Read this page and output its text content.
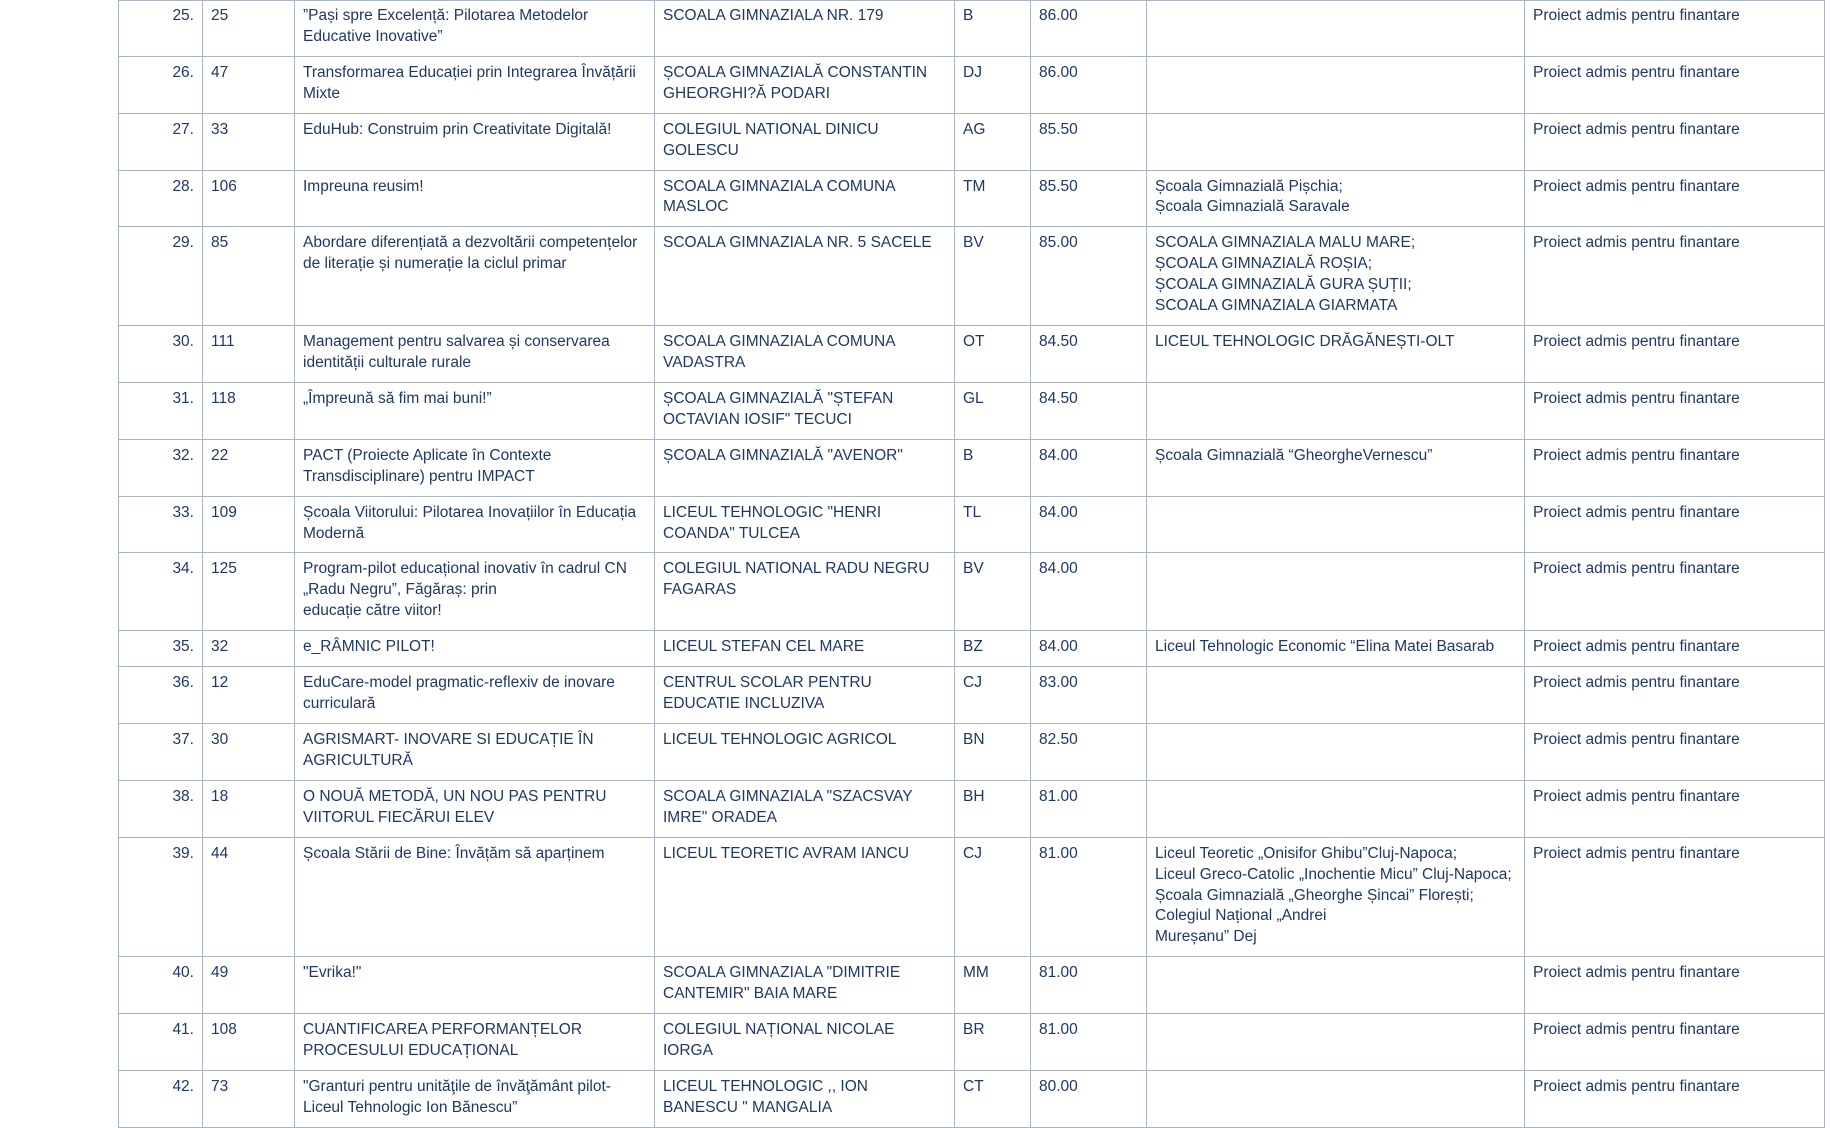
25.	25	”Pași spre Excelență: Pilotarea Metodelor Educative Inovative”	SCOALA GIMNAZIALA NR. 179	B	86.00		Proiect admis pentru finantare

26.	47	Transformarea Educației prin Integrarea Învățării Mixte	ȘCOALA GIMNAZIALĂ CONSTANTIN GHEORGHI?Ă PODARI	DJ	86.00		Proiect admis pentru finantare

27.	33	EduHub: Construim prin Creativitate Digitală!	COLEGIUL NATIONAL DINICU GOLESCU	AG	85.50		Proiect admis pentru finantare

28.	106	Impreuna reusim!	SCOALA GIMNAZIALA COMUNA MASLOC	TM	85.50	Școala Gimnazială Pișchia;
Școala Gimnazială Saravale	Proiect admis pentru finantare

29.	85	Abordare diferențiată a dezvoltării competențelor de literație și numerație la ciclul primar	SCOALA GIMNAZIALA NR. 5 SACELE	BV	85.00	SCOALA GIMNAZIALA MALU MARE;
ȘCOALA GIMNAZIALĂ ROȘIA;
ȘCOALA GIMNAZIALĂ GURA ȘUȚII;
SCOALA GIMNAZIALA GIARMATA	Proiect admis pentru finantare

30.	111	Management pentru salvarea și conservarea identității culturale rurale	SCOALA GIMNAZIALA COMUNA VADASTRA	OT	84.50	LICEUL TEHNOLOGIC DRĂGĂNEȘTI-OLT	Proiect admis pentru finantare

31.	118	„Împreună să fim mai buni!”	ȘCOALA GIMNAZIALĂ "ȘTEFAN OCTAVIAN IOSIF" TECUCI	GL	84.50		Proiect admis pentru finantare

32.	22	PACT (Proiecte Aplicate în Contexte Transdisciplinare) pentru IMPACT	ȘCOALA GIMNAZIALĂ "AVENOR"	B	84.00	Școala Gimnazială “GheorgheVernescu”	Proiect admis pentru finantare

33.	109	Școala Viitorului: Pilotarea Inovațiilor în Educația Modernă	LICEUL TEHNOLOGIC "HENRI COANDA" TULCEA	TL	84.00		Proiect admis pentru finantare

34.	125	Program-pilot educațional inovativ în cadrul CN „Radu Negru”, Făgăraș: prin
educație către viitor!	COLEGIUL NATIONAL RADU NEGRU FAGARAS	BV	84.00		Proiect admis pentru finantare

35.	32	e_RÂMNIC PILOT!	LICEUL STEFAN CEL MARE	BZ	84.00	Liceul Tehnologic Economic “Elina Matei Basarab	Proiect admis pentru finantare

36.	12	EduCare-model pragmatic-reflexiv de inovare curriculară	CENTRUL SCOLAR PENTRU EDUCATIE INCLUZIVA	CJ	83.00		Proiect admis pentru finantare

37.	30	AGRISMART- INOVARE SI EDUCAȚIE ÎN AGRICULTURĂ	LICEUL TEHNOLOGIC AGRICOL	BN	82.50		Proiect admis pentru finantare

38.	18	O NOUĂ METODĂ, UN NOU PAS PENTRU VIITORUL FIECĂRUI ELEV	SCOALA GIMNAZIALA "SZACSVAY IMRE" ORADEA	BH	81.00		Proiect admis pentru finantare

39.	44	Școala Stării de Bine: Învățăm să aparținem	LICEUL TEORETIC AVRAM IANCU	CJ	81.00	Liceul Teoretic „Onisifor Ghibu”Cluj-Napoca;
Liceul Greco-Catolic „Inochentie Micu” Cluj-Napoca;
Școala Gimnazială „Gheorghe Șincai” Florești;
Colegiul Național „Andrei
Mureșanu” Dej	Proiect admis pentru finantare

40.	49	"Evrika!"	SCOALA GIMNAZIALA "DIMITRIE CANTEMIR" BAIA MARE	MM	81.00		Proiect admis pentru finantare

41.	108	CUANTIFICAREA PERFORMANȚELOR PROCESULUI EDUCAȚIONAL	COLEGIUL NAȚIONAL NICOLAE IORGA	BR	81.00		Proiect admis pentru finantare

42.	73	"Granturi pentru unităţile de învăţământ pilot- Liceul Tehnologic Ion Bănescu”	LICEUL TEHNOLOGIC ,, ION BANESCU " MANGALIA	CT	80.00		Proiect admis pentru finantare
